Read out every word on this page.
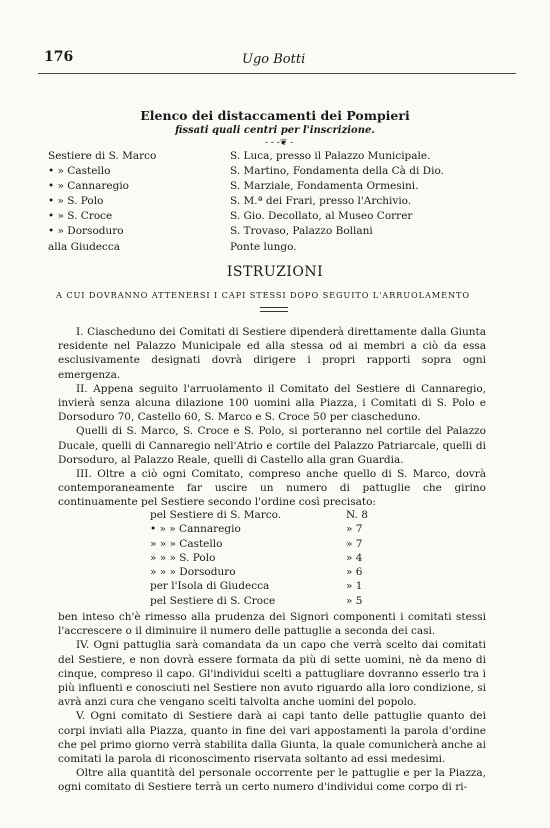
176	Ugo Botti
Elenco dei distaccamenti dei Pompieri
fissati quali centri per l'inscrizione.
- - -❦ -
Sestiere di S. Marco	S. Luca, presso il Palazzo Municipale.
• » Castello	S. Martino, Fondamenta della Cà di Dio.
• » Cannaregio	S. Marziale, Fondamenta Ormesini.
• » S. Polo	S. M.ª dei Frari, presso l'Archivio.
• » S. Croce	S. Gio. Decollato, al Museo Correr
• » Dorsoduro	S. Trovaso, Palazzo Bollani
alla Giudecca	Ponte lungo.
ISTRUZIONI
A CUI DOVRANNO ATTENERSI I CAPI STESSI DOPO SEGUITO L'ARRUOLAMENTO

I. Ciascheduno dei Comitati di Sestiere dipenderà direttamente dalla Giunta residente nel Palazzo Municipale ed alla stessa od ai membri a ciò da essa esclusivamente designati dovrà dirigere i propri rapporti sopra ogni emergenza.

II. Appena seguito l'arruolamento il Comitato del Sestiere di Cannaregio, invierà senza alcuna dilazione 100 uomini alla Piazza, i Comitati di S. Polo e Dorsoduro 70, Castello 60, S. Marco e S. Croce 50 per ciascheduno.

Quelli di S. Marco, S. Croce e S. Polo, si porteranno nel cortile del Palazzo Ducale, quelli di Cannaregio nell'Atrio e cortile del Palazzo Patriarcale, quelli di Dorsoduro, al Palazzo Reale, quelli di Castello alla gran Guardia.

III. Oltre a ciò ogni Comitato, compreso anche quello di S. Marco, dovrà contemporaneamente far uscire un numero di pattuglie che girino continuamente pel Sestiere secondo l'ordine così precisato:

pel Sestiere di S. Marco.	N. 8
• » » Cannaregio	» 7
» » » Castello	» 7
» » » S. Polo	» 4
» » » Dorsoduro	» 6
per l'Isola di Giudecca	» 1
pel Sestiere di S. Croce	» 5

ben inteso ch'è rimesso alla prudenza dei Signori componenti i comitati stessi l'accrescere o il diminuire il numero delle pattuglie a seconda dei casi.

IV. Ogni pattuglia sarà comandata da un capo che verrà scelto dai comitati del Sestiere, e non dovrà essere formata da più di sette uomini, nè da meno di cinque, compreso il capo. Gl'individui scelti a pattugliare dovranno esserlo tra i più influenti e conosciuti nel Sestiere non avuto riguardo alla loro condizione, si avrà anzi cura che vengano scelti talvolta anche uomini del popolo.

V. Ogni comitato di Sestiere darà ai capi tanto delle pattuglie quanto dei corpi inviati alla Piazza, quanto in fine dei vari appostamenti la parola d'ordine che pel primo giorno verrà stabilita dalla Giunta, la quale comunicherà anche ai comitati la parola di riconoscimento riservata soltanto ad essi medesimi.

Oltre alla quantità del personale occorrente per le pattuglie e per la Piazza, ogni comitato di Sestiere terrà un certo numero d'individui come corpo di ri-
